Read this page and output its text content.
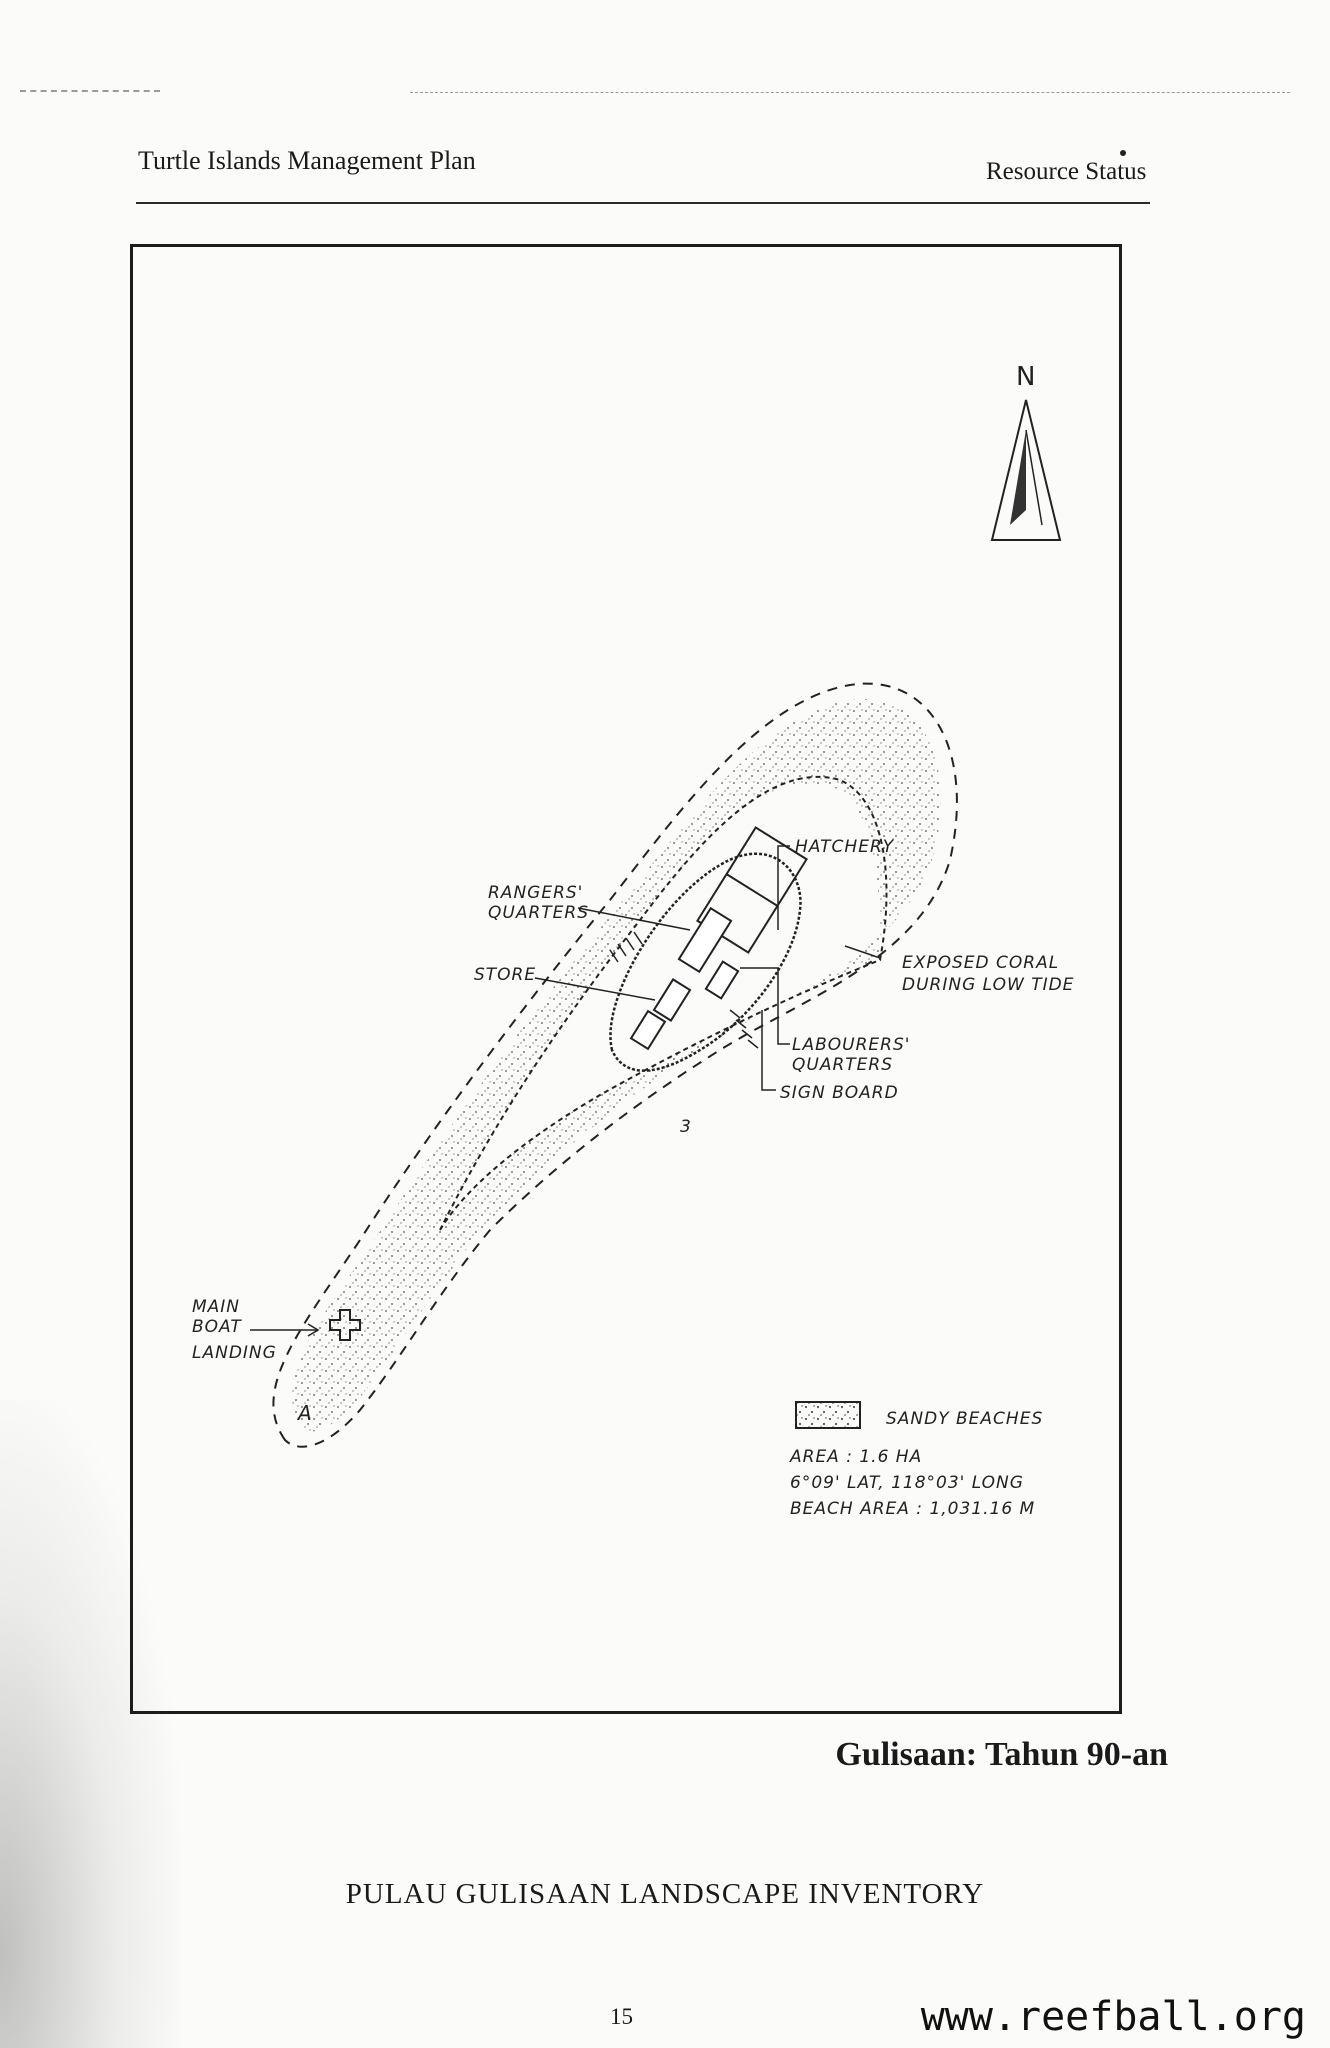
Turtle Islands Management Plan	Resource Status
N
HATCHERY
RANGERS'
QUARTERS
STORE
EXPOSED CORAL
DURING LOW TIDE
LABOURERS'
QUARTERS
SIGN BOARD
MAIN
BOAT
LANDING
A
3
SANDY BEACHES
AREA : 1.6 HA
6°09' LAT, 118°03' LONG
BEACH AREA : 1,031.16 M
Gulisaan: Tahun 90-an
PULAU GULISAAN LANDSCAPE INVENTORY
15	www.reefball.org
